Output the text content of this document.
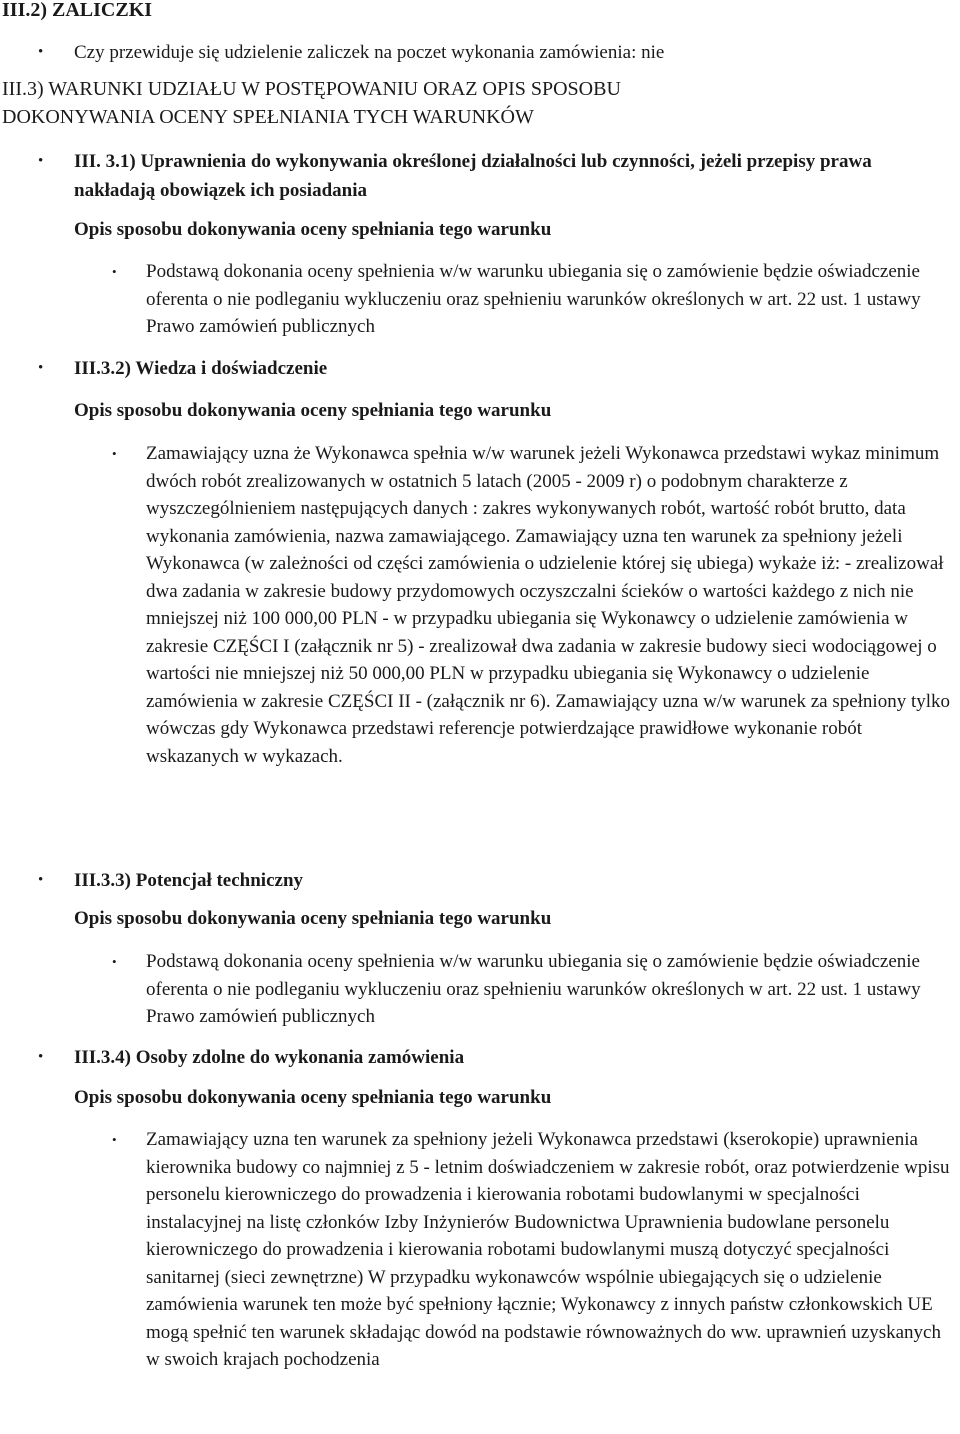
III.2) ZALICZKI
• Czy przewiduje się udzielenie zaliczek na poczet wykonania zamówienia: nie
III.3) WARUNKI UDZIAŁU W POSTĘPOWANIU ORAZ OPIS SPOSOBU
DOKONYWANIA OCENY SPEŁNIANIA TYCH WARUNKÓW
• III. 3.1) Uprawnienia do wykonywania określonej działalności lub czynności, jeżeli przepisy prawa nakładają obowiązek ich posiadania

Opis sposobu dokonywania oceny spełniania tego warunku

• Podstawą dokonania oceny spełnienia w/w warunku ubiegania się o zamówienie będzie oświadczenie oferenta o nie podleganiu wykluczeniu oraz spełnieniu warunków określonych w art. 22 ust. 1 ustawy Prawo zamówień publicznych
• III.3.2) Wiedza i doświadczenie

Opis sposobu dokonywania oceny spełniania tego warunku

• Zamawiający uzna że Wykonawca spełnia w/w warunek jeżeli Wykonawca przedstawi wykaz minimum dwóch robót zrealizowanych w ostatnich 5 latach (2005 - 2009 r) o podobnym charakterze z wyszczególnieniem następujących danych : zakres wykonywanych robót, wartość robót brutto, data wykonania zamówienia, nazwa zamawiającego. Zamawiający uzna ten warunek za spełniony jeżeli Wykonawca (w zależności od części zamówienia o udzielenie której się ubiega) wykaże iż: - zrealizował dwa zadania w zakresie budowy przydomowych oczyszczalni ścieków o wartości każdego z nich nie mniejszej niż 100 000,00 PLN - w przypadku ubiegania się Wykonawcy o udzielenie zamówienia w zakresie CZĘŚCI I (załącznik nr 5) - zrealizował dwa zadania w zakresie budowy sieci wodociągowej o wartości nie mniejszej niż 50 000,00 PLN w przypadku ubiegania się Wykonawcy o udzielenie zamówienia w zakresie CZĘŚCI II - (załącznik nr 6). Zamawiający uzna w/w warunek za spełniony tylko wówczas gdy Wykonawca przedstawi referencje potwierdzające prawidłowe wykonanie robót wskazanych w wykazach.
• III.3.3) Potencjał techniczny

Opis sposobu dokonywania oceny spełniania tego warunku

• Podstawą dokonania oceny spełnienia w/w warunku ubiegania się o zamówienie będzie oświadczenie oferenta o nie podleganiu wykluczeniu oraz spełnieniu warunków określonych w art. 22 ust. 1 ustawy Prawo zamówień publicznych
• III.3.4) Osoby zdolne do wykonania zamówienia

Opis sposobu dokonywania oceny spełniania tego warunku

• Zamawiający uzna ten warunek za spełniony jeżeli Wykonawca przedstawi (kserokopie) uprawnienia kierownika budowy co najmniej z 5 - letnim doświadczeniem w zakresie robót, oraz potwierdzenie wpisu personelu kierowniczego do prowadzenia i kierowania robotami budowlanymi w specjalności instalacyjnej na listę członków Izby Inżynierów Budownictwa Uprawnienia budowlane personelu kierowniczego do prowadzenia i kierowania robotami budowlanymi muszą dotyczyć specjalności sanitarnej (sieci zewnętrzne) W przypadku wykonawców wspólnie ubiegających się o udzielenie zamówienia warunek ten może być spełniony łącznie; Wykonawcy z innych państw członkowskich UE mogą spełnić ten warunek składając dowód na podstawie równoważnych do ww. uprawnień uzyskanych w swoich krajach pochodzenia
